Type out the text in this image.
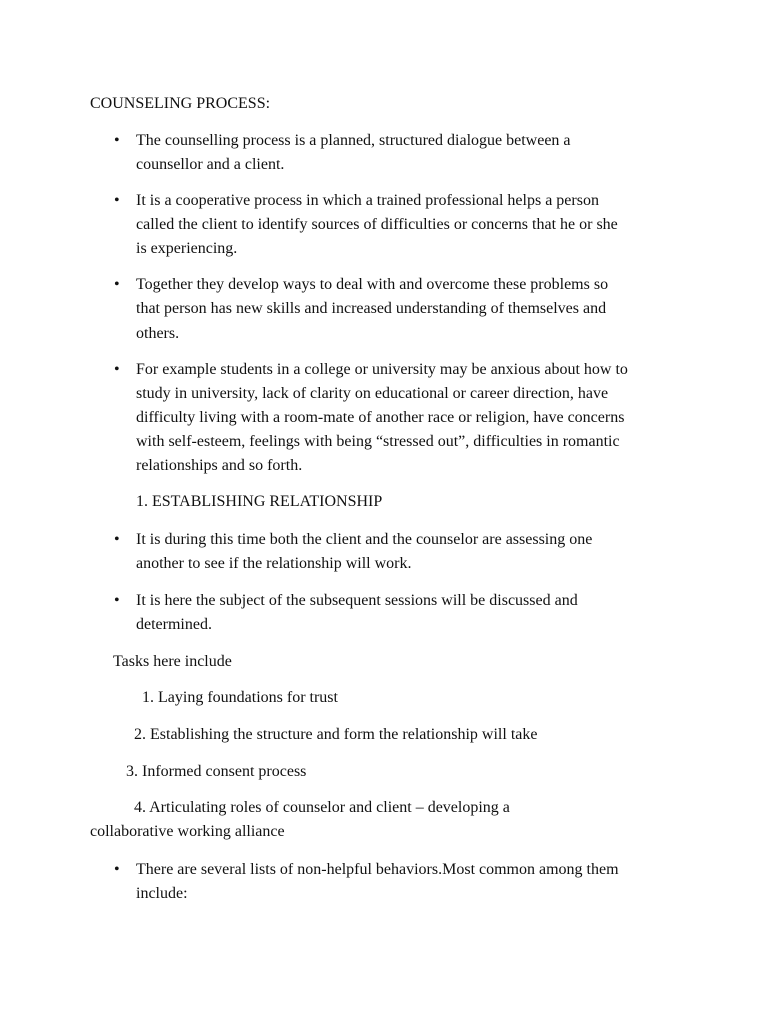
COUNSELING PROCESS:
• The counselling process is a planned, structured dialogue between a
counsellor and a client.
• It is a cooperative process in which a trained professional helps a person
called the client to identify sources of difficulties or concerns that he or she
is experiencing.
• Together they develop ways to deal with and overcome these problems so
that person has new skills and increased understanding of themselves and
others.
• For example students in a college or university may be anxious about how to
study in university, lack of clarity on educational or career direction, have
difficulty living with a room-mate of another race or religion, have concerns
with self-esteem, feelings with being “stressed out”, difficulties in romantic
relationships and so forth.
1. ESTABLISHING RELATIONSHIP
• It is during this time both the client and the counselor are assessing one
another to see if the relationship will work.
• It is here the subject of the subsequent sessions will be discussed and
determined.
Tasks here include
1. Laying foundations for trust
2. Establishing the structure and form the relationship will take
3. Informed consent process
4. Articulating roles of counselor and client – developing a
collaborative working alliance
• There are several lists of non-helpful behaviors.Most common among them
include:
